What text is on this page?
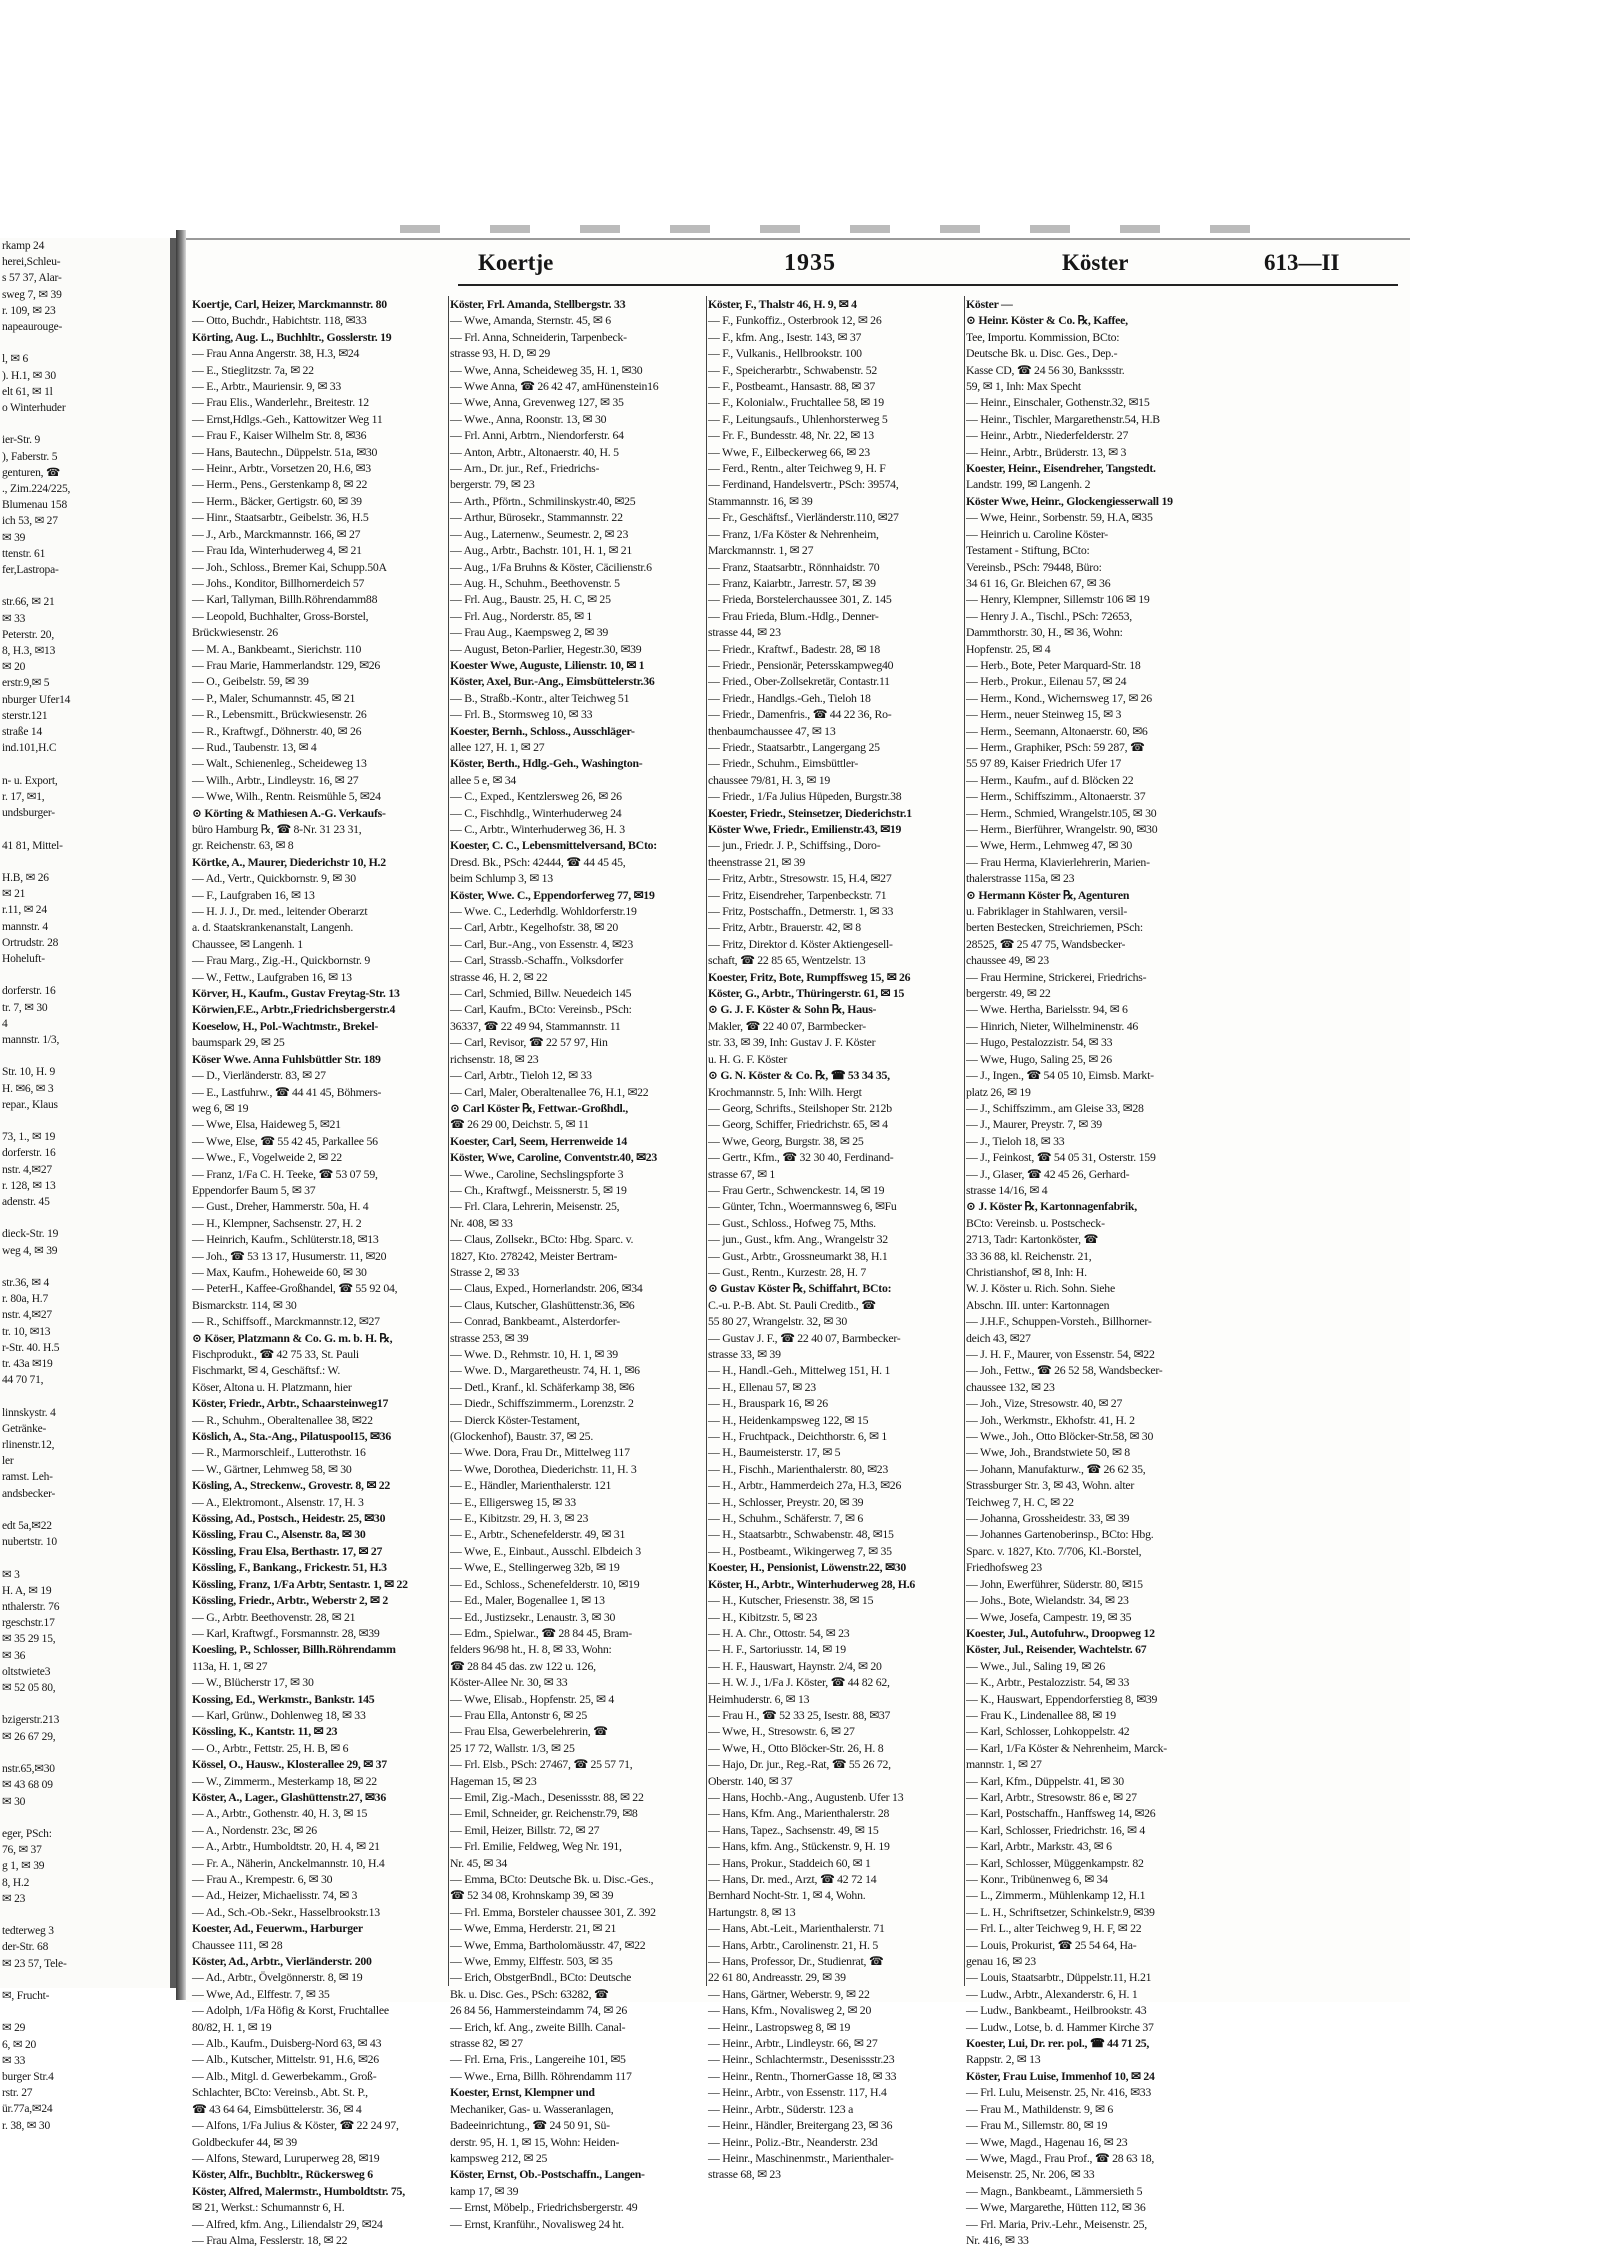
rkamp 24
herei,Schleu-
s 57 37, Alar-
sweg 7, ✉ 39
r. 109, ✉ 23
napeaurouge-

l, ✉ 6
). H.1, ✉ 30
elt 61, ✉ 1l
o Winterhuder

ier-Str. 9
), Faberstr. 5
genturen, ☎
., Zim.224/225,
Blumenau 158
ich 53, ✉ 27
✉ 39
ttenstr. 61
fer,Lastropa-

str.66, ✉ 21
✉ 33
Peterstr. 20,
8, H.3, ✉13
✉ 20
erstr.9,✉ 5
nburger Ufer14
sterstr.121
straße 14
ind.101,H.C

n- u. Export,
r. 17, ✉1,
undsburger-

41 81, Mittel-

H.B, ✉ 26
✉ 21
r.11, ✉ 24
mannstr. 4
Ortrudstr. 28
Hoheluft-

dorferstr. 16
tr. 7, ✉ 30
4
mannstr. 1/3,

Str. 10, H. 9
H. ✉6, ✉ 3
repar., Klaus

73, 1., ✉ 19
dorferstr. 16
nstr. 4,✉27
r. 128, ✉ 13
adenstr. 45

dieck-Str. 19
weg 4, ✉ 39

str.36, ✉ 4
r. 80a, H.7
nstr. 4,✉27
tr. 10, ✉13
r-Str. 40. H.5
tr. 43a ✉19
44 70 71,

linnskystr. 4
Getränke-
rlinenstr.12,
ler
ramst. Leh-
andsbecker-

edt 5a,✉22
nubertstr. 10

✉ 3
H. A, ✉ 19
nthalerstr. 76
rgeschstr.17
✉ 35 29 15,
✉ 36
oltstwiete3
✉ 52 05 80,

bzigerstr.213
✉ 26 67 29,

nstr.65,✉30
✉ 43 68 09
✉ 30

eger, PSch:
76, ✉ 37
g 1, ✉ 39
8, H.2
✉ 23

tedterweg 3
der-Str. 68
✉ 23 57, Tele-

✉, Frucht-

✉ 29
6, ✉ 20
✉ 33
burger Str.4
rstr. 27
ür.77a,✉24
r. 38, ✉ 30
Koertje	1935	Köster	613—II
Koertje, Carl, Heizer, Marckmannstr. 80
— Otto, Buchdr., Habichtstr. 118, ✉33
Körting, Aug. L., Buchhltr., Gosslerstr. 19
— Frau Anna Angerstr. 38, H.3, ✉24
— E., Stieglitzstr. 7a, ✉ 22
— E., Arbtr., Mauriensir. 9, ✉ 33
— Frau Elis., Wanderlehr., Breitestr. 12
— Ernst,Hdlgs.-Geh., Kattowitzer Weg 11
— Frau F., Kaiser Wilhelm Str. 8, ✉36
— Hans, Bautechn., Düppelstr. 51a, ✉30
— Heinr., Arbtr., Vorsetzen 20, H.6, ✉3
— Herm., Pens., Gerstenkamp 8, ✉ 22
— Herm., Bäcker, Gertigstr. 60, ✉ 39
— Hinr., Staatsarbtr., Geibelstr. 36, H.5
— J., Arb., Marckmannstr. 166, ✉ 27
— Frau Ida, Winterhuderweg 4, ✉ 21
— Joh., Schloss., Bremer Kai, Schupp.50A
— Johs., Konditor, Billhornerdeich 57
— Karl, Tallyman, Billh.Röhrendamm88
— Leopold, Buchhalter, Gross-Borstel,
Brückwiesenstr. 26
— M. A., Bankbeamt., Sierichstr. 110
— Frau Marie, Hammerlandstr. 129, ✉26
— O., Geibelstr. 59, ✉ 39
— P., Maler, Schumannstr. 45, ✉ 21
— R., Lebensmitt., Brückwiesenstr. 26
— R., Kraftwgf., Döhnerstr. 40, ✉ 26
— Rud., Taubenstr. 13, ✉ 4
— Walt., Schienenleg., Scheideweg 13
— Wilh., Arbtr., Lindleystr. 16, ✉ 27
— Wwe, Wilh., Rentn. Reismühle 5, ✉24
⊙ Körting & Mathiesen A.-G. Verkaufs-
büro Hamburg ℞, ☎ 8-Nr. 31 23 31,
gr. Reichenstr. 63, ✉ 8
Körtke, A., Maurer, Diederichstr 10, H.2
— Ad., Vertr., Quickbornstr. 9, ✉ 30
— F., Laufgraben 16, ✉ 13
— H. J. J., Dr. med., leitender Oberarzt
a. d. Staatskrankenanstalt, Langenh.
Chaussee, ✉ Langenh. 1
— Frau Marg., Zig.-H., Quickbornstr. 9
— W., Fettw., Laufgraben 16, ✉ 13
Körver, H., Kaufm., Gustav Freytag-Str. 13
Körwien,F.E., Arbtr.,Friedrichsbergerstr.4
Koeselow, H., Pol.-Wachtmstr., Brekel-
baumspark 29, ✉ 25
Köser Wwe. Anna Fuhlsbüttler Str. 189
— D., Vierländerstr. 83, ✉ 27
— E., Lastfuhrw., ☎ 44 41 45, Böhmers-
weg 6, ✉ 19
— Wwe, Elsa, Haideweg 5, ✉21
— Wwe, Else, ☎ 55 42 45, Parkallee 56
— Wwe., F., Vogelweide 2, ✉ 22
— Franz, 1/Fa C. H. Teeke, ☎ 53 07 59,
Eppendorfer Baum 5, ✉ 37
— Gust., Dreher, Hammerstr. 50a, H. 4
— H., Klempner, Sachsenstr. 27, H. 2
— Heinrich, Kaufm., Schlüterstr.18, ✉13
— Joh., ☎ 53 13 17, Husumerstr. 11, ✉20
— Max, Kaufm., Hoheweide 60, ✉ 30
— PeterH., Kaffee-Großhandel, ☎ 55 92 04,
Bismarckstr. 114, ✉ 30
— R., Schiffsoff., Marckmannstr.12, ✉27
⊙ Köser, Platzmann & Co. G. m. b. H. ℞,
Fischprodukt., ☎ 42 75 33, St. Pauli
Fischmarkt, ✉ 4, Geschäftsf.: W.
Köser, Altona u. H. Platzmann, hier
Köster, Friedr., Arbtr., Schaarsteinweg17
— R., Schuhm., Oberaltenallee 38, ✉22
Köslich, A., Sta.-Ang., Pilatuspool15, ✉36
— R., Marmorschleif., Lutterothstr. 16
— W., Gärtner, Lehmweg 58, ✉ 30
Kösling, A., Streckenw., Grovestr. 8, ✉ 22
— A., Elektromont., Alsenstr. 17, H. 3
Kössing, Ad., Postsch., Heidestr. 25, ✉30
Kössling, Frau C., Alsenstr. 8a, ✉ 30
Kössling, Frau Elsa, Berthastr. 17, ✉ 27
Kössling, F., Bankang., Frickestr. 51, H.3
Kössling, Franz, 1/Fa Arbtr, Sentastr. 1, ✉ 22
Kössling, Friedr., Arbtr., Weberstr 2, ✉ 2
— G., Arbtr. Beethovenstr. 28, ✉ 21
— Karl, Kraftwgf., Forsmannstr. 28, ✉39
Koesling, P., Schlosser, Billh.Röhrendamm
113a, H. 1, ✉ 27
— W., Blücherstr 17, ✉ 30
Kossing, Ed., Werkmstr., Bankstr. 145
— Karl, Grünw., Dohlenweg 18, ✉ 33
Kössling, K., Kantstr. 11, ✉ 23
— O., Arbtr., Fettstr. 25, H. B, ✉ 6
Kössel, O., Hausw., Klosterallee 29, ✉ 37
— W., Zimmerm., Mesterkamp 18, ✉ 22
Köster, A., Lager., Glashüttenstr.27, ✉36
— A., Arbtr., Gothenstr. 40, H. 3, ✉ 15
— A., Nordenstr. 23c, ✉ 26
— A., Arbtr., Humboldtstr. 20, H. 4, ✉ 21
— Fr. A., Näherin, Anckelmannstr. 10, H.4
— Frau A., Krempestr. 6, ✉ 30
— Ad., Heizer, Michaelisstr. 74, ✉ 3
— Ad., Sch.-Ob.-Sekr., Hasselbrookstr.13
Koester, Ad., Feuerwm., Harburger
Chaussee 111, ✉ 28
Köster, Ad., Arbtr., Vierländerstr. 200
— Ad., Arbtr., Övelgönnerstr. 8, ✉ 19
— Wwe, Ad., Elffestr. 7, ✉ 35
— Adolph, 1/Fa Höfig & Korst, Fruchtallee
80/82, H. 1, ✉ 19
— Alb., Kaufm., Duisberg-Nord 63, ✉ 43
— Alb., Kutscher, Mittelstr. 91, H.6, ✉26
— Alb., Mitgl. d. Gewerbekamm., Groß-
Schlachter, BCto: Vereinsb., Abt. St. P.,
☎ 43 64 64, Eimsbüttelerstr. 36, ✉ 4
— Alfons, 1/Fa Julius & Köster, ☎ 22 24 97,
Goldbeckufer 44, ✉ 39
— Alfons, Steward, Luruperweg 28, ✉19
Köster, Alfr., Buchbltr., Rückersweg 6
Köster, Alfred, Malermstr., Humboldtstr. 75,
✉ 21, Werkst.: Schumannstr 6, H.
— Alfred, kfm. Ang., Liliendalstr 29, ✉24
— Frau Alma, Fesslerstr. 18, ✉ 22
Köster, Frl. Amanda, Stellbergstr. 33
— Wwe, Amanda, Sternstr. 45, ✉ 6
— Frl. Anna, Schneiderin, Tarpenbeck-
strasse 93, H. D, ✉ 29
— Wwe, Anna, Scheideweg 35, H. 1, ✉30
— Wwe Anna, ☎ 26 42 47, amHünenstein16
— Wwe, Anna, Grevenweg 127, ✉ 35
— Wwe., Anna, Roonstr. 13, ✉ 30
— Frl. Anni, Arbtrn., Niendorferstr. 64
— Anton, Arbtr., Altonaerstr. 40, H. 5
— Arn., Dr. jur., Ref., Friedrichs-
bergerstr. 79, ✉ 23
— Arth., Pförtn., Schmilinskystr.40, ✉25
— Arthur, Bürosekr., Stammannstr. 22
— Aug., Laternenw., Seumestr. 2, ✉ 23
— Aug., Arbtr., Bachstr. 101, H. 1, ✉ 21
— Aug., 1/Fa Bruhns & Köster, Cäcilienstr.6
— Aug. H., Schuhm., Beethovenstr. 5
— Frl. Aug., Baustr. 25, H. C, ✉ 25
— Frl. Aug., Norderstr. 85, ✉ 1
— Frau Aug., Kaempsweg 2, ✉ 39
— August, Beton-Parlier, Hegestr.30, ✉39
Koester Wwe, Auguste, Lilienstr. 10, ✉ 1
Köster, Axel, Bur.-Ang., Eimsbüttelerstr.36
— B., Straßb.-Kontr., alter Teichweg 51
— Frl. B., Stormsweg 10, ✉ 33
Koester, Bernh., Schloss., Ausschläger-
allee 127, H. 1, ✉ 27
Köster, Berth., Hdlg.-Geh., Washington-
allee 5 e, ✉ 34
— C., Exped., Kentzlersweg 26, ✉ 26
— C., Fischhdlg., Winterhuderweg 24
— C., Arbtr., Winterhuderweg 36, H. 3
Koester, C. C., Lebensmittelversand, BCto:
Dresd. Bk., PSch: 42444, ☎ 44 45 45,
beim Schlump 3, ✉ 13
Köster, Wwe. C., Eppendorferweg 77, ✉19
— Wwe. C., Lederhdlg. Wohldorferstr.19
— Carl, Arbtr., Kegelhofstr. 38, ✉ 20
— Carl, Bur.-Ang., von Essenstr. 4, ✉23
— Carl, Strassb.-Schaffn., Volksdorfer
strasse 46, H. 2, ✉ 22
— Carl, Schmied, Billw. Neuedeich 145
— Carl, Kaufm., BCto: Vereinsb., PSch:
36337, ☎ 22 49 94, Stammannstr. 11
— Carl, Revisor, ☎ 22 57 97, Hin
richsenstr. 18, ✉ 23
— Carl, Arbtr., Tieloh 12, ✉ 33
— Carl, Maler, Oberaltenallee 76, H.1, ✉22
⊙ Carl Köster ℞, Fettwar.-Großhdl.,
☎ 26 29 00, Deichstr. 5, ✉ 11
Koester, Carl, Seem, Herrenweide 14
Köster, Wwe, Caroline, Conventstr.40, ✉23
— Wwe., Caroline, Sechslingspforte 3
— Ch., Kraftwgf., Meissnerstr. 5, ✉ 19
— Frl. Clara, Lehrerin, Meisenstr. 25,
Nr. 408, ✉ 33
— Claus, Zollsekr., BCto: Hbg. Sparc. v.
1827, Kto. 278242, Meister Bertram-
Strasse 2, ✉ 33
— Claus, Exped., Hornerlandstr. 206, ✉34
— Claus, Kutscher, Glashüttenstr.36, ✉6
— Conrad, Bankbeamt., Alsterdorfer-
strasse 253, ✉ 39
— Wwe. D., Rehmstr. 10, H. 1, ✉ 39
— Wwe. D., Margaretheustr. 74, H. 1, ✉6
— Detl., Kranf., kl. Schäferkamp 38, ✉6
— Diedr., Schiffszimmerm., Lorenzstr. 2
— Dierck Köster-Testament,
(Glockenhof), Baustr. 37, ✉ 25.
— Wwe. Dora, Frau Dr., Mittelweg 117
— Wwe, Dorothea, Diederichstr. 11, H. 3
— E., Händler, Marienthalerstr. 121
— E., Elligersweg 15, ✉ 33
— E., Kibitzstr. 29, H. 3, ✉ 23
— E., Arbtr., Schenefelderstr. 49, ✉ 31
— Wwe, E., Einbaut., Ausschl. Elbdeich 3
— Wwe, E., Stellingerweg 32b, ✉ 19
— Ed., Schloss., Schenefelderstr. 10, ✉19
— Ed., Maler, Bogenallee 1, ✉ 13
— Ed., Justizsekr., Lenaustr. 3, ✉ 30
— Edm., Spielwar., ☎ 28 84 45, Bram-
felders 96/98 ht., H. 8, ✉ 33, Wohn:
☎ 28 84 45 das. zw 122 u. 126,
Köster-Allee Nr. 30, ✉ 33
— Wwe, Elisab., Hopfenstr. 25, ✉ 4
— Frau Ella, Antonstr 6, ✉ 25
— Frau Elsa, Gewerbelehrerin, ☎
25 17 72, Wallstr. 1/3, ✉ 25
— Frl. Elsb., PSch: 27467, ☎ 25 57 71,
Hageman 15, ✉ 23
— Emil, Zig.-Mach., Desenissstr. 88, ✉ 22
— Emil, Schneider, gr. Reichenstr.79, ✉8
— Emil, Heizer, Billstr. 72, ✉ 27
— Frl. Emilie, Feldweg, Weg Nr. 191,
Nr. 45, ✉ 34
— Emma, BCto: Deutsche Bk. u. Disc.-Ges.,
☎ 52 34 08, Krohnskamp 39, ✉ 39
— Frl. Emma, Borsteler chaussee 301, Z. 392
— Wwe, Emma, Herderstr. 21, ✉ 21
— Wwe, Emma, Bartholomäusstr. 47, ✉22
— Wwe, Emmy, Elffestr. 503, ✉ 35
— Erich, ObstgerBndl., BCto: Deutsche
Bk. u. Disc. Ges., PSch: 63282, ☎
26 84 56, Hammersteindamm 74, ✉ 26
— Erich, kf. Ang., zweite Billh. Canal-
strasse 82, ✉ 27
— Frl. Erna, Fris., Langereihe 101, ✉5
— Wwe., Erna, Billh. Röhrendamm 117
Koester, Ernst, Klempner und
Mechaniker, Gas- u. Wasseranlagen,
Badeeinrichtung., ☎ 24 50 91, Sü-
derstr. 95, H. 1, ✉ 15, Wohn: Heiden-
kampsweg 212, ✉ 25
Köster, Ernst, Ob.-Postschaffn., Langen-
kamp 17, ✉ 39
— Ernst, Möbelp., Friedrichsbergerstr. 49
— Ernst, Kranführ., Novalisweg 24 ht.
Köster, F., Thalstr 46, H. 9, ✉ 4
— F., Funkoffiz., Osterbrook 12, ✉ 26
— F., kfm. Ang., Isestr. 143, ✉ 37
— F., Vulkanis., Hellbrookstr. 100
— F., Speicherarbtr., Schwabenstr. 52
— F., Postbeamt., Hansastr. 88, ✉ 37
— F., Kolonialw., Fruchtallee 58, ✉ 19
— F., Leitungsaufs., Uhlenhorsterweg 5
— Fr. F., Bundesstr. 48, Nr. 22, ✉ 13
— Wwe, F., Eilbeckerweg 66, ✉ 23
— Ferd., Rentn., alter Teichweg 9, H. F
— Ferdinand, Handelsvertr., PSch: 39574,
Stammannstr. 16, ✉ 39
— Fr., Geschäftsf., Vierländerstr.110, ✉27
— Franz, 1/Fa Köster & Nehrenheim,
Marckmannstr. 1, ✉ 27
— Franz, Staatsarbtr., Rönnhaidstr. 70
— Franz, Kaiarbtr., Jarrestr. 57, ✉ 39
— Frieda, Borstelerchaussee 301, Z. 145
— Frau Frieda, Blum.-Hdlg., Denner-
strasse 44, ✉ 23
— Friedr., Kraftwf., Badestr. 28, ✉ 18
— Friedr., Pensionär, Petersskampweg40
— Fried., Ober-Zollsekretär, Contastr.11
— Friedr., Handlgs.-Geh., Tieloh 18
— Friedr., Damenfris., ☎ 44 22 36, Ro-
thenbaumchaussee 47, ✉ 13
— Friedr., Staatsarbtr., Langergang 25
— Friedr., Schuhm., Eimsbüttler-
chaussee 79/81, H. 3, ✉ 19
— Friedr., 1/Fa Julius Hüpeden, Burgstr.38
Koester, Friedr., Steinsetzer, Diederichstr.1
Köster Wwe, Friedr., Emilienstr.43, ✉19
— jun., Friedr. J. P., Schiffsing., Doro-
theenstrasse 21, ✉ 39
— Fritz, Arbtr., Stresowstr. 15, H.4, ✉27
— Fritz, Eisendreher, Tarpenbeckstr. 71
— Fritz, Postschaffn., Detmerstr. 1, ✉ 33
— Fritz, Arbtr., Brauerstr. 42, ✉ 8
— Fritz, Direktor d. Köster Aktiengesell-
schaft, ☎ 22 85 65, Wentzelstr. 13
Koester, Fritz, Bote, Rumpffsweg 15, ✉ 26
Köster, G., Arbtr., Thüringerstr. 61, ✉ 15
⊙ G. J. F. Köster & Sohn ℞, Haus-
Makler, ☎ 22 40 07, Barmbecker-
str. 33, ✉ 39, Inh: Gustav J. F. Köster
u. H. G. F. Köster
⊙ G. N. Köster & Co. ℞, ☎ 53 34 35,
Krochmannstr. 5, Inh: Wilh. Hergt
— Georg, Schrifts., Steilshoper Str. 212b
— Georg, Schiffer, Friedrichstr. 65, ✉ 4
— Wwe, Georg, Burgstr. 38, ✉ 25
— Gertr., Kfm., ☎ 32 30 40, Ferdinand-
strasse 67, ✉ 1
— Frau Gertr., Schwenckestr. 14, ✉ 19
— Günter, Tchn., Woermannsweg 6, ✉Fu
— Gust., Schloss., Hofweg 75, Mths.
— jun., Gust., kfm. Ang., Wrangelstr 32
— Gust., Arbtr., Grossneumarkt 38, H.1
— Gust., Rentn., Kurzestr. 28, H. 7
⊙ Gustav Köster ℞, Schiffahrt, BCto:
C.-u. P.-B. Abt. St. Pauli Creditb., ☎
55 80 27, Wrangelstr. 32, ✉ 30
— Gustav J. F., ☎ 22 40 07, Barmbecker-
strasse 33, ✉ 39
— H., Handl.-Geh., Mittelweg 151, H. 1
— H., Ellenau 57, ✉ 23
— H., Brauspark 16, ✉ 26
— H., Heidenkampsweg 122, ✉ 15
— H., Fruchtpack., Deichthorstr. 6, ✉ 1
— H., Baumeisterstr. 17, ✉ 5
— H., Fischh., Marienthalerstr. 80, ✉23
— H., Arbtr., Hammerdeich 27a, H.3, ✉26
— H., Schlosser, Preystr. 20, ✉ 39
— H., Schuhm., Schäferstr. 7, ✉ 6
— H., Staatsarbtr., Schwabenstr. 48, ✉15
— H., Postbeamt., Wikingerweg 7, ✉ 35
Koester, H., Pensionist, Löwenstr.22, ✉30
Köster, H., Arbtr., Winterhuderweg 28, H.6
— H., Kutscher, Friesenstr. 38, ✉ 15
— H., Kibitzstr. 5, ✉ 23
— H. A. Chr., Ottostr. 54, ✉ 23
— H. F., Sartoriusstr. 14, ✉ 19
— H. F., Hauswart, Haynstr. 2/4, ✉ 20
— H. W. J., 1/Fa J. Köster, ☎ 44 82 62,
Heimhuderstr. 6, ✉ 13
— Frau H., ☎ 52 33 25, Isestr. 88, ✉37
— Wwe, H., Stresowstr. 6, ✉ 27
— Wwe, H., Otto Blöcker-Str. 26, H. 8
— Hajo, Dr. jur., Reg.-Rat, ☎ 55 26 72,
Oberstr. 140, ✉ 37
— Hans, Hochb.-Ang., Augustenb. Ufer 13
— Hans, Kfm. Ang., Marienthalerstr. 28
— Hans, Tapez., Sachsenstr. 49, ✉ 15
— Hans, kfm. Ang., Stückenstr. 9, H. 19
— Hans, Prokur., Staddeich 60, ✉ 1
— Hans, Dr. med., Arzt, ☎ 42 72 14
Bernhard Nocht-Str. 1, ✉ 4, Wohn.
Hartungstr. 8, ✉ 13
— Hans, Abt.-Leit., Marienthalerstr. 71
— Hans, Arbtr., Carolinenstr. 21, H. 5
— Hans, Professor, Dr., Studienrat, ☎
22 61 80, Andreasstr. 29, ✉ 39
— Hans, Gärtner, Weberstr. 9, ✉ 22
— Hans, Kfm., Novalisweg 2, ✉ 20
— Heinr., Lastropsweg 8, ✉ 19
— Heinr., Arbtr., Lindleystr. 66, ✉ 27
— Heinr., Schlachtermstr., Desenissstr.23
— Heinr., Rentn., ThornerGasse 18, ✉ 33
— Heinr., Arbtr., von Essenstr. 117, H.4
— Heinr., Arbtr., Süderstr. 123 a
— Heinr., Händler, Breitergang 23, ✉ 36
— Heinr., Poliz.-Btr., Neanderstr. 23d
— Heinr., Maschinenmstr., Marienthaler-
strasse 68, ✉ 23
Köster —
⊙ Heinr. Köster & Co. ℞, Kaffee,
Tee, Importu. Kommission, BCto:
Deutsche Bk. u. Disc. Ges., Dep.-
Kasse CD, ☎ 24 56 30, Bankssstr.
59, ✉ 1, Inh: Max Specht
— Heinr., Einschaler, Gothenstr.32, ✉15
— Heinr., Tischler, Margarethenstr.54, H.B
— Heinr., Arbtr., Niederfelderstr. 27
— Heinr., Arbtr., Brüderstr. 13, ✉ 3
Koester, Heinr., Eisendreher, Tangstedt.
Landstr. 199, ✉ Langenh. 2
Köster Wwe, Heinr., Glockengiesserwall 19
— Wwe, Heinr., Sorbenstr. 59, H.A, ✉35
— Heinrich u. Caroline Köster-
Testament - Stiftung, BCto:
Vereinsb., PSch: 79448, Büro:
34 61 16, Gr. Bleichen 67, ✉ 36
— Henry, Klempner, Sillemstr 106 ✉ 19
— Henry J. A., Tischl., PSch: 72653,
Dammthorstr. 30, H., ✉ 36, Wohn:
Hopfenstr. 25, ✉ 4
— Herb., Bote, Peter Marquard-Str. 18
— Herb., Prokur., Eilenau 57, ✉ 24
— Herm., Kond., Wichernsweg 17, ✉ 26
— Herm., neuer Steinweg 15, ✉ 3
— Herm., Seemann, Altonaerstr. 60, ✉6
— Herm., Graphiker, PSch: 59 287, ☎
55 97 89, Kaiser Friedrich Ufer 17
— Herm., Kaufm., auf d. Blöcken 22
— Herm., Schiffszimm., Altonaerstr. 37
— Herm., Schmied, Wrangelstr.105, ✉ 30
— Herm., Bierführer, Wrangelstr. 90, ✉30
— Wwe, Herm., Lehmweg 47, ✉ 30
— Frau Herma, Klavierlehrerin, Marien-
thalerstrasse 115a, ✉ 23
⊙ Hermann Köster ℞, Agenturen
u. Fabriklager in Stahlwaren, versil-
berten Bestecken, Streichriemen, PSch:
28525, ☎ 25 47 75, Wandsbecker-
chaussee 49, ✉ 23
— Frau Hermine, Strickerei, Friedrichs-
bergerstr. 49, ✉ 22
— Wwe. Hertha, Barielsstr. 94, ✉ 6
— Hinrich, Nieter, Wilhelminenstr. 46
— Hugo, Pestalozzistr. 54, ✉ 33
— Wwe, Hugo, Saling 25, ✉ 26
— J., Ingen., ☎ 54 05 10, Eimsb. Markt-
platz 26, ✉ 19
— J., Schiffszimm., am Gleise 33, ✉28
— J., Maurer, Preystr. 7, ✉ 39
— J., Tieloh 18, ✉ 33
— J., Feinkost, ☎ 54 05 31, Osterstr. 159
— J., Glaser, ☎ 42 45 26, Gerhard-
strasse 14/16, ✉ 4
⊙ J. Köster ℞, Kartonnagenfabrik,
BCto: Vereinsb. u. Postscheck-
2713, Tadr: Kartonköster, ☎
33 36 88, kl. Reichenstr. 21,
Christianshof, ✉ 8, Inh: H.
W. J. Köster u. Rich. Sohn. Siehe
Abschn. III. unter: Kartonnagen
— J.H.F., Schuppen-Vorsteh., Billhorner-
deich 43, ✉27
— J. H. F., Maurer, von Essenstr. 54, ✉22
— Joh., Fettw., ☎ 26 52 58, Wandsbecker-
chaussee 132, ✉ 23
— Joh., Vize, Stresowstr. 40, ✉ 27
— Joh., Werkmstr., Ekhofstr. 41, H. 2
— Wwe., Joh., Otto Blöcker-Str.58, ✉ 30
— Wwe, Joh., Brandstwiete 50, ✉ 8
— Johann, Manufakturw., ☎ 26 62 35,
Strassburger Str. 3, ✉ 43, Wohn. alter
Teichweg 7, H. C, ✉ 22
— Johanna, Grossheidestr. 33, ✉ 39
— Johannes Gartenoberinsp., BCto: Hbg.
Sparc. v. 1827, Kto. 7/706, Kl.-Borstel,
Friedhofsweg 23
— John, Ewerführer, Süderstr. 80, ✉15
— Johs., Bote, Wielandstr. 34, ✉ 23
— Wwe, Josefa, Campestr. 19, ✉ 35
Koester, Jul., Autofuhrw., Droopweg 12
Köster, Jul., Reisender, Wachtelstr. 67
— Wwe., Jul., Saling 19, ✉ 26
— K., Arbtr., Pestalozzistr. 54, ✉ 33
— K., Hauswart, Eppendorferstieg 8, ✉39
— Frau K., Lindenallee 88, ✉ 19
— Karl, Schlosser, Lohkoppelstr. 42
— Karl, 1/Fa Köster & Nehrenheim, Marck-
mannstr. 1, ✉ 27
— Karl, Kfm., Düppelstr. 41, ✉ 30
— Karl, Arbtr., Stresowstr. 86 e, ✉ 27
— Karl, Postschaffn., Hanffsweg 14, ✉26
— Karl, Schlosser, Friedrichstr. 16, ✉ 4
— Karl, Arbtr., Markstr. 43, ✉ 6
— Karl, Schlosser, Müggenkampstr. 82
— Konr., Tribünenweg 6, ✉ 34
— L., Zimmerm., Mühlenkamp 12, H.1
— L. H., Schriftsetzer, Schinkelstr.9, ✉39
— Frl. L., alter Teichweg 9, H. F, ✉ 22
— Louis, Prokurist, ☎ 25 54 64, Ha-
genau 16, ✉ 23
— Louis, Staatsarbtr., Düppelstr.11, H.21
— Ludw., Arbtr., Alexanderstr. 6, H. 1
— Ludw., Bankbeamt., Heilbrookstr. 43
— Ludw., Lotse, b. d. Hammer Kirche 37
Koester, Lui, Dr. rer. pol., ☎ 44 71 25,
Rappstr. 2, ✉ 13
Köster, Frau Luise, Immenhof 10, ✉ 24
— Frl. Lulu, Meisenstr. 25, Nr. 416, ✉33
— Frau M., Mathildenstr. 9, ✉ 6
— Frau M., Sillemstr. 80, ✉ 19
— Wwe, Magd., Hagenau 16, ✉ 23
— Wwe, Magd., Frau Prof., ☎ 28 63 18,
Meisenstr. 25, Nr. 206, ✉ 33
— Magn., Bankbeamt., Lämmersieth 5
— Wwe, Margarethe, Hütten 112, ✉ 36
— Frl. Maria, Priv.-Lehr., Meisenstr. 25,
Nr. 416, ✉ 33
